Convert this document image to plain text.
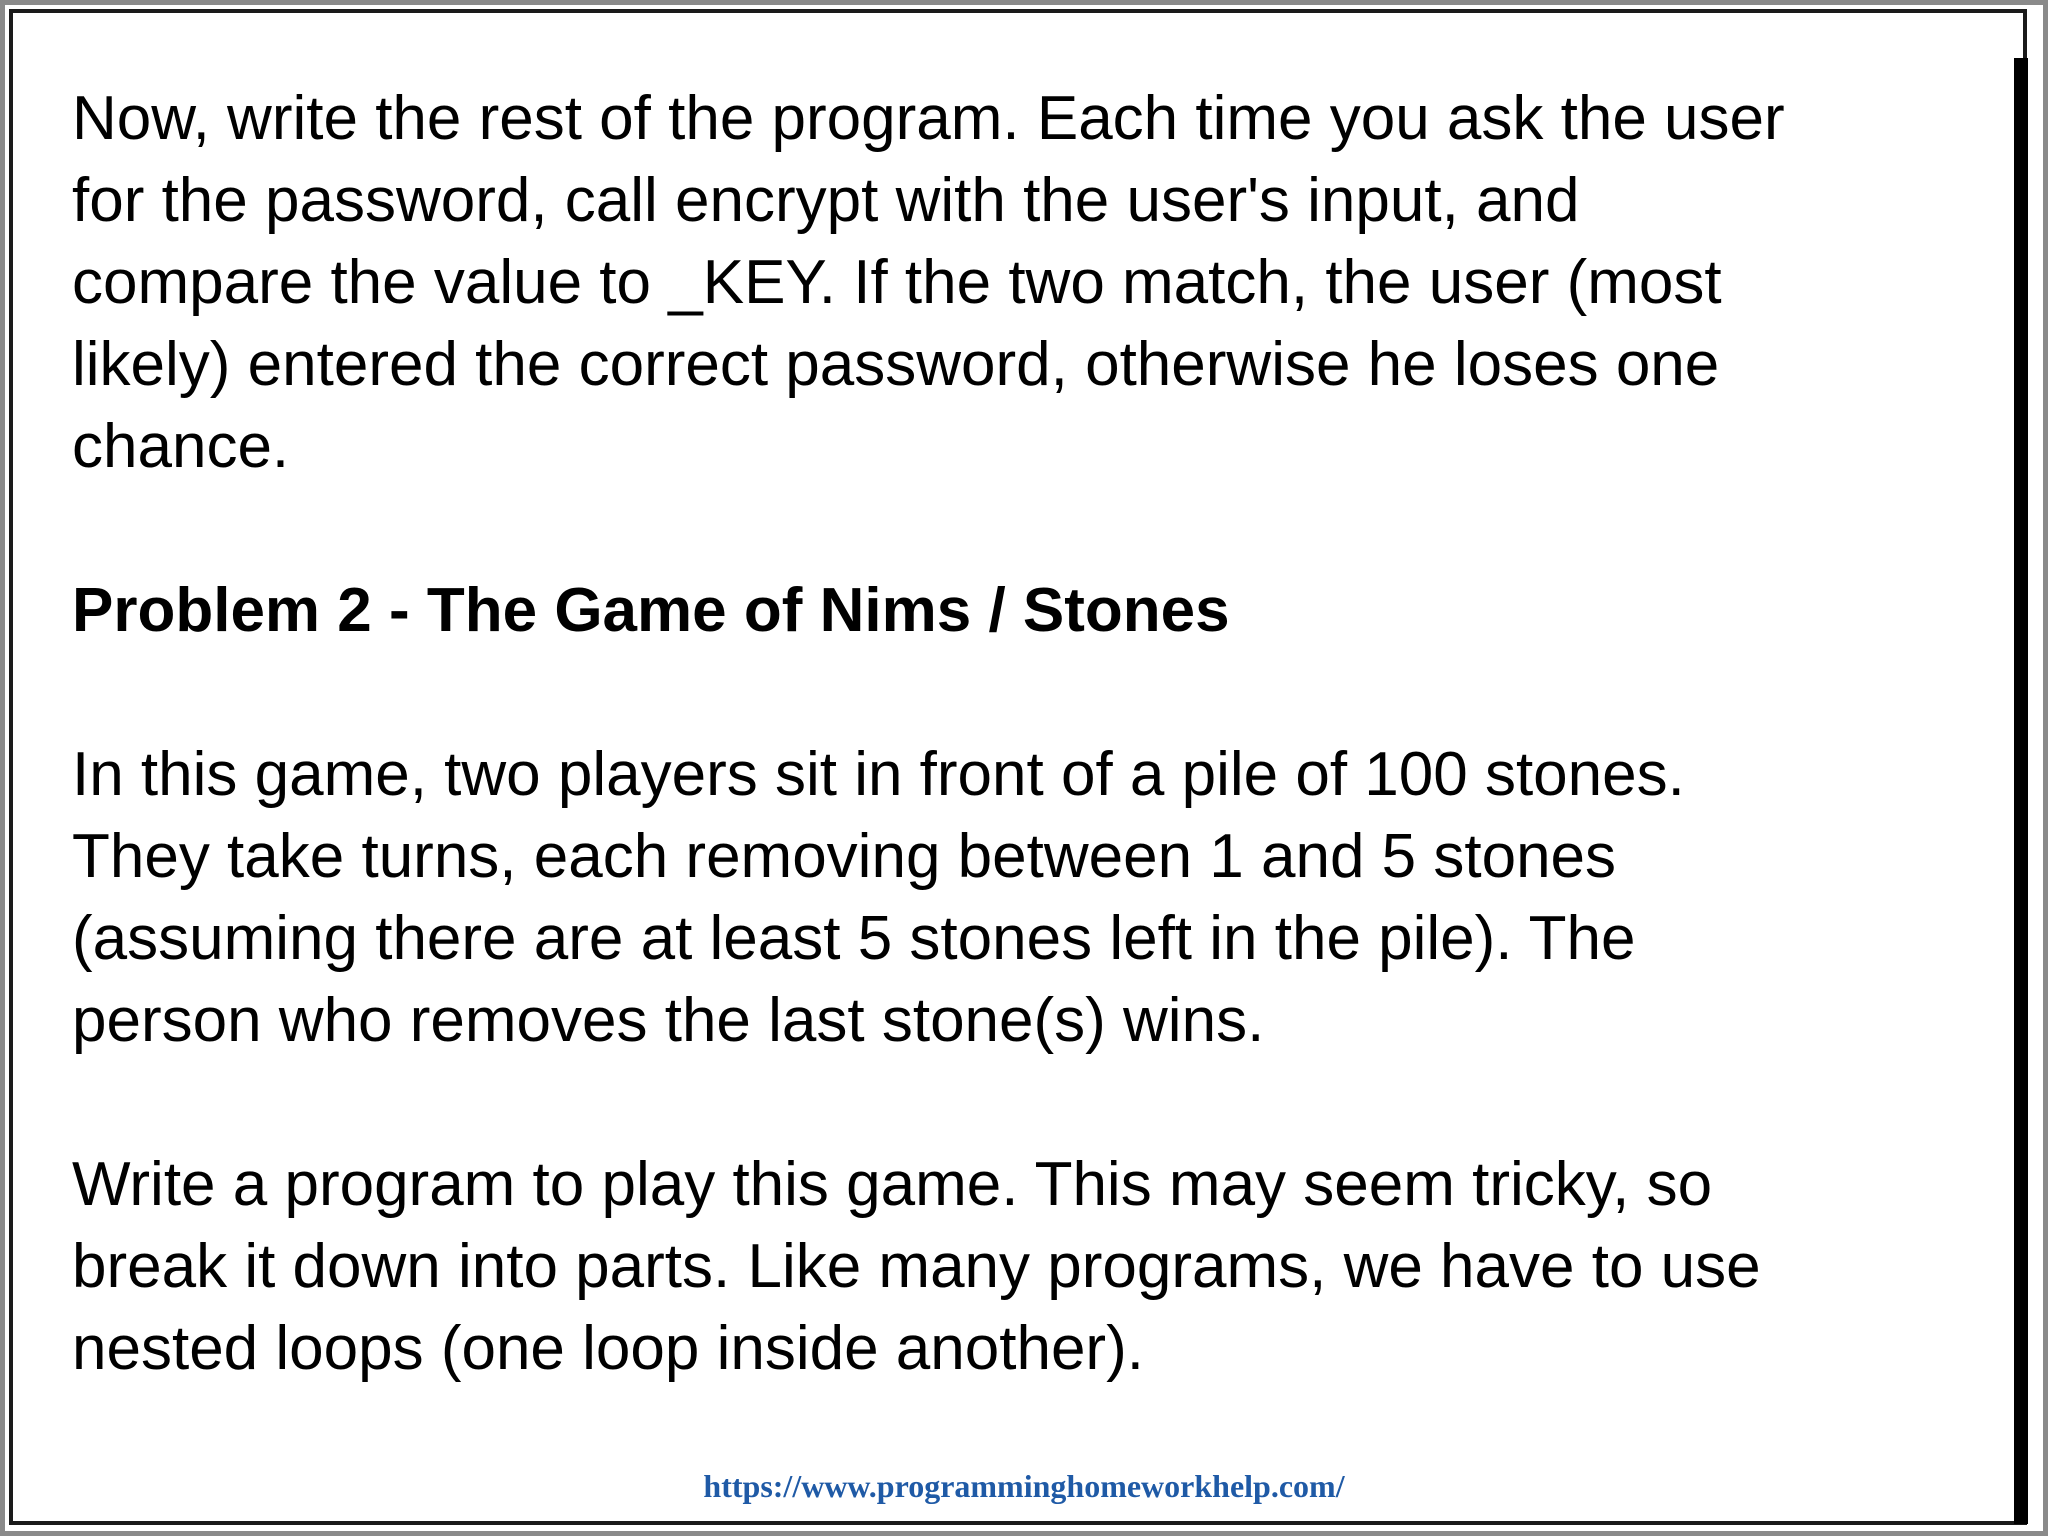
Now, write the rest of the program. Each time you ask the user
for the password, call encrypt with the user's input, and
compare the value to _KEY. If the two match, the user (most
likely) entered the correct password, otherwise he loses one
chance.

Problem 2 - The Game of Nims / Stones

In this game, two players sit in front of a pile of 100 stones.
They take turns, each removing between 1 and 5 stones
(assuming there are at least 5 stones left in the pile). The
person who removes the last stone(s) wins.

Write a program to play this game. This may seem tricky, so
break it down into parts. Like many programs, we have to use
nested loops (one loop inside another).

https://www.programminghomeworkhelp.com/
